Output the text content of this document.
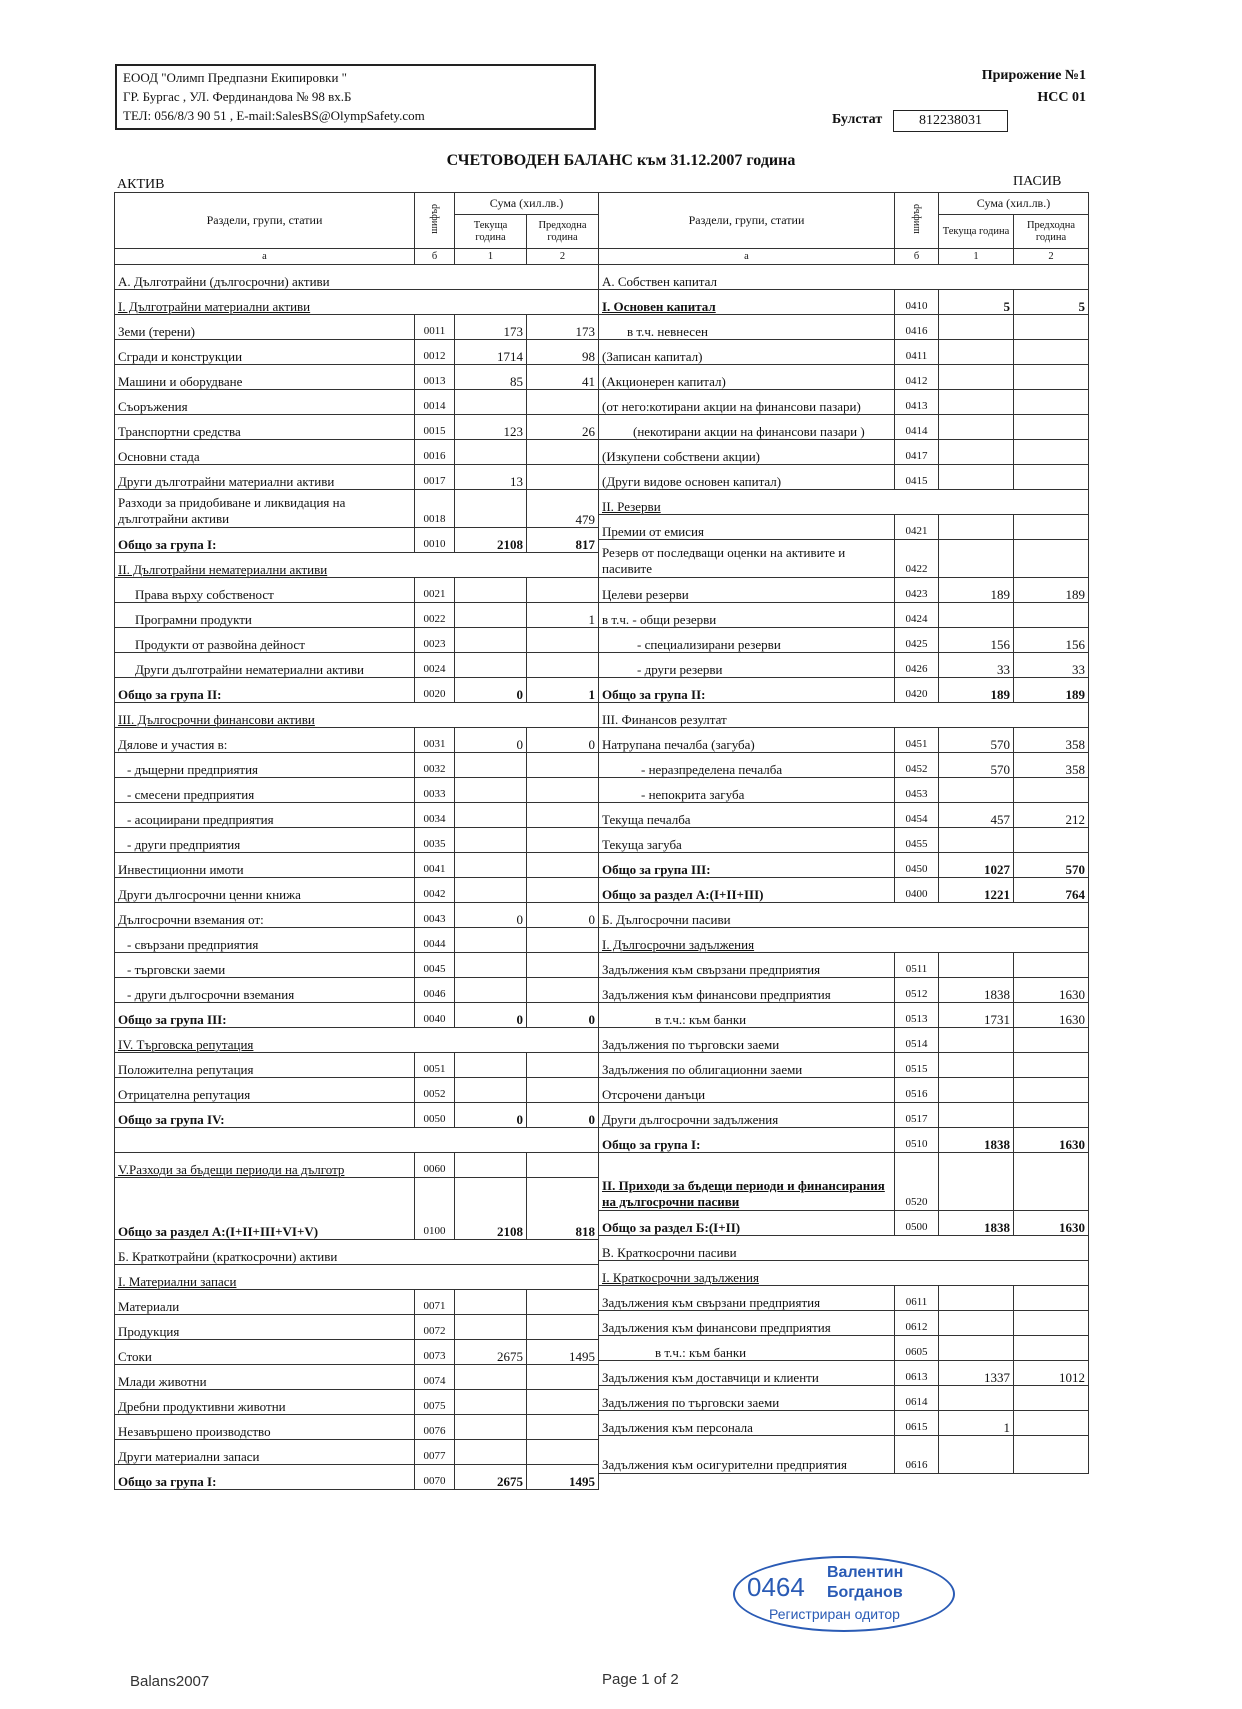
ЕООД "Олимп Предпазни Екипировки "
ГР. Бургас , УЛ. Фердинандова № 98 вх.Б
ТЕЛ: 056/8/3 90 51 , E-mail:SalesBS@OlympSafety.com
Прирожение №1
НСС 01
Булстат	812238031
СЧЕТОВОДЕН БАЛАНС към 31.12.2007 година
АКТИВ	ПАСИВ
Раздели, групи, статии	шифър	Сума (хил.лв.)	
		Текуща година	Предходна година
а	б	1	2
А. Дълготрайни (дългосрочни) активи			
I. Дълготрайни материални активи			
Земи (терени)	0011	173	173
Сгради и конструкции	0012	1714	98
Машини и оборудване	0013	85	41
Съоръжения	0014		
Транспортни средства	0015	123	26
Основни стада	0016		
Други дълготрайни материални активи	0017	13	
Разходи за придобиване и ликвидация на дълготрайни активи	0018		479
Общо за група I:	0010	2108	817
II. Дълготрайни нематериални активи			
Права върху собственост	0021		
Програмни продукти	0022		1
Продукти от развойна дейност	0023		
Други дълготрайни нематериални активи	0024		
Общо за група II:	0020	0	1
III. Дългосрочни финансови активи			
Дялове и участия в:	0031	0	0
- дъщерни предприятия	0032		
- смесени предприятия	0033		
- асоциирани предприятия	0034		
- други предприятия	0035		
Инвестиционни имоти	0041		
Други дългосрочни ценни книжа	0042		
Дългосрочни вземания от:	0043	0	0
- свързани предприятия	0044		
- търговски заеми	0045		
- други дългосрочни вземания	0046		
Общо за група III:	0040	0	0
IV. Търговска репутация			
Положителна репутация	0051		
Отрицателна репутация	0052		
Общо за група IV:	0050	0	0

V.Разходи за бъдещи периоди на дълготр	0060		
Общо за раздел А:(I+II+III+VI+V)	0100	2108	818
Б. Краткотрайни (краткосрочни) активи			
I. Материални запаси			
Материали	0071		
Продукция	0072		
Стоки	0073	2675	1495
Млади животни	0074		
Дребни продуктивни животни	0075		
Незавършено производство	0076		
Други материални запаси	0077		
Общо за група I:	0070	2675	1495
Раздели, групи, статии	шифър	Сума (хил.лв.)	
		Текуща година	Предходна година
а	б	1	2
А. Собствен капитал			
I. Основен капитал	0410	5	5
в т.ч. невнесен	0416		
(Записан капитал)	0411		
(Акционерен капитал)	0412		
(от него:котирани акции на финансови пазари)	0413		
(некотирани акции на финансови пазари )	0414		
(Изкупени собствени акции)	0417		
(Други видове основен капитал)	0415		
II. Резерви			
Премии от емисия	0421		
Резерв от последващи оценки на активите и пасивите	0422		
Целеви резерви	0423	189	189
в т.ч. - общи резерви	0424		
- специализирани резерви	0425	156	156
- други резерви	0426	33	33
Общо за група II:	0420	189	189
III. Финансов резултат			
Натрупана печалба (загуба)	0451	570	358
- неразпределена печалба	0452	570	358
- непокрита загуба	0453		
Текуща печалба	0454	457	212
Текуща загуба	0455		
Общо за група III:	0450	1027	570
Общо за раздел А:(I+II+III)	0400	1221	764
Б. Дългосрочни пасиви			
I. Дългосрочни задължения			
Задължения към свързани предприятия	0511		
Задължения към финансови предприятия	0512	1838	1630
в т.ч.: към банки	0513	1731	1630
Задължения по търговски заеми	0514		
Задължения по облигационни заеми	0515		
Отсрочени данъци	0516		
Други дългосрочни задължения	0517		
Общо за група I:	0510	1838	1630
II. Приходи за бъдещи периоди и финансирания на дългосрочни пасиви	0520		
Общо за раздел Б:(I+II)	0500	1838	1630
В. Краткосрочни пасиви			
I. Краткосрочни задължения			
Задължения към свързани предприятия	0611		
Задължения към финансови предприятия	0612		
в т.ч.: към банки	0605		
Задължения към доставчици и клиенти	0613	1337	1012
Задължения по търговски заеми	0614		
Задължения към персонала	0615	1	
Задължения към осигурителни предприятия	0616		
0464 Валентин
Богданов
Регистриран одитор
Balans2007	Page 1 of 2
